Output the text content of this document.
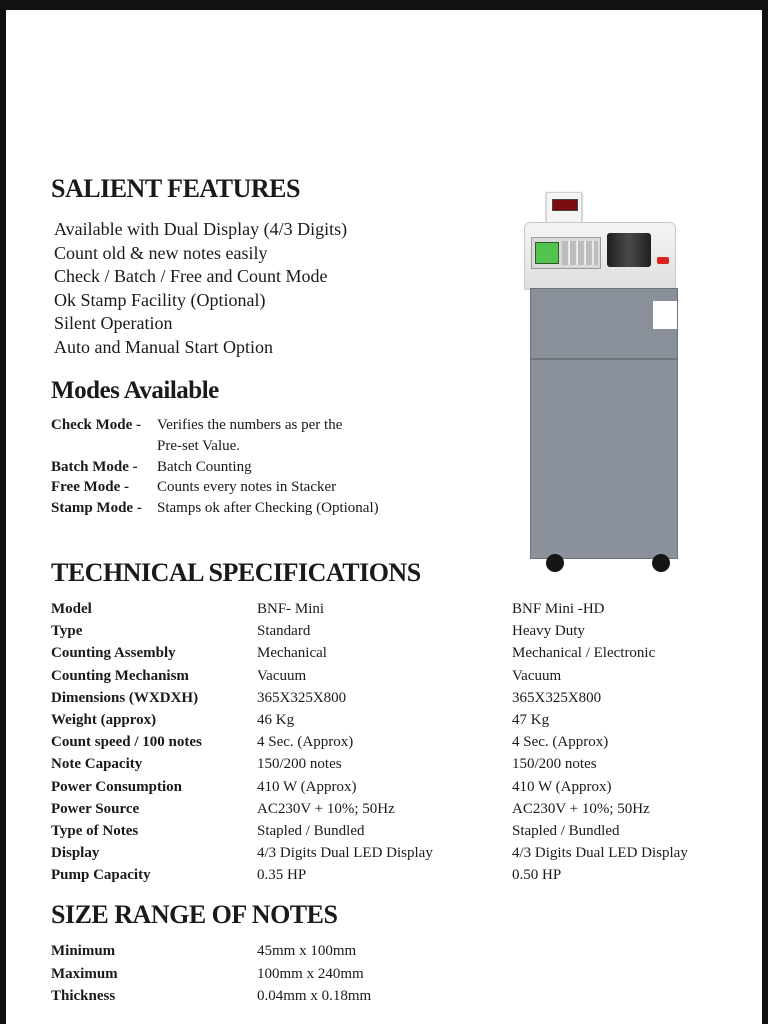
SALIENT FEATURES
Available with Dual Display (4/3 Digits)
Count old & new notes easily
Check / Batch / Free and Count Mode
Ok Stamp Facility (Optional)
Silent Operation
Auto and Manual Start Option
Modes Available
Check Mode -	Verifies the numbers as per the
Pre-set Value.
Batch Mode -	Batch Counting
Free Mode -	Counts every notes in Stacker
Stamp Mode -	Stamps ok after Checking (Optional)
TECHNICAL SPECIFICATIONS
Model	BNF- Mini	BNF Mini -HD
Type	Standard	Heavy Duty
Counting Assembly	Mechanical	Mechanical / Electronic
Counting Mechanism	Vacuum	Vacuum
Dimensions (WXDXH)	365X325X800	365X325X800
Weight (approx)	46 Kg	47 Kg
Count speed / 100 notes	4 Sec. (Approx)	4 Sec. (Approx)
Note Capacity	150/200 notes	150/200 notes
Power Consumption	410 W (Approx)	410 W (Approx)
Power Source	AC230V + 10%; 50Hz	AC230V + 10%; 50Hz
Type of Notes	Stapled / Bundled	Stapled / Bundled
Display	4/3 Digits Dual LED Display	4/3 Digits Dual LED Display
Pump Capacity	0.35 HP	0.50 HP
SIZE RANGE OF NOTES
Minimum	45mm x 100mm
Maximum	100mm x 240mm
Thickness	0.04mm x 0.18mm
